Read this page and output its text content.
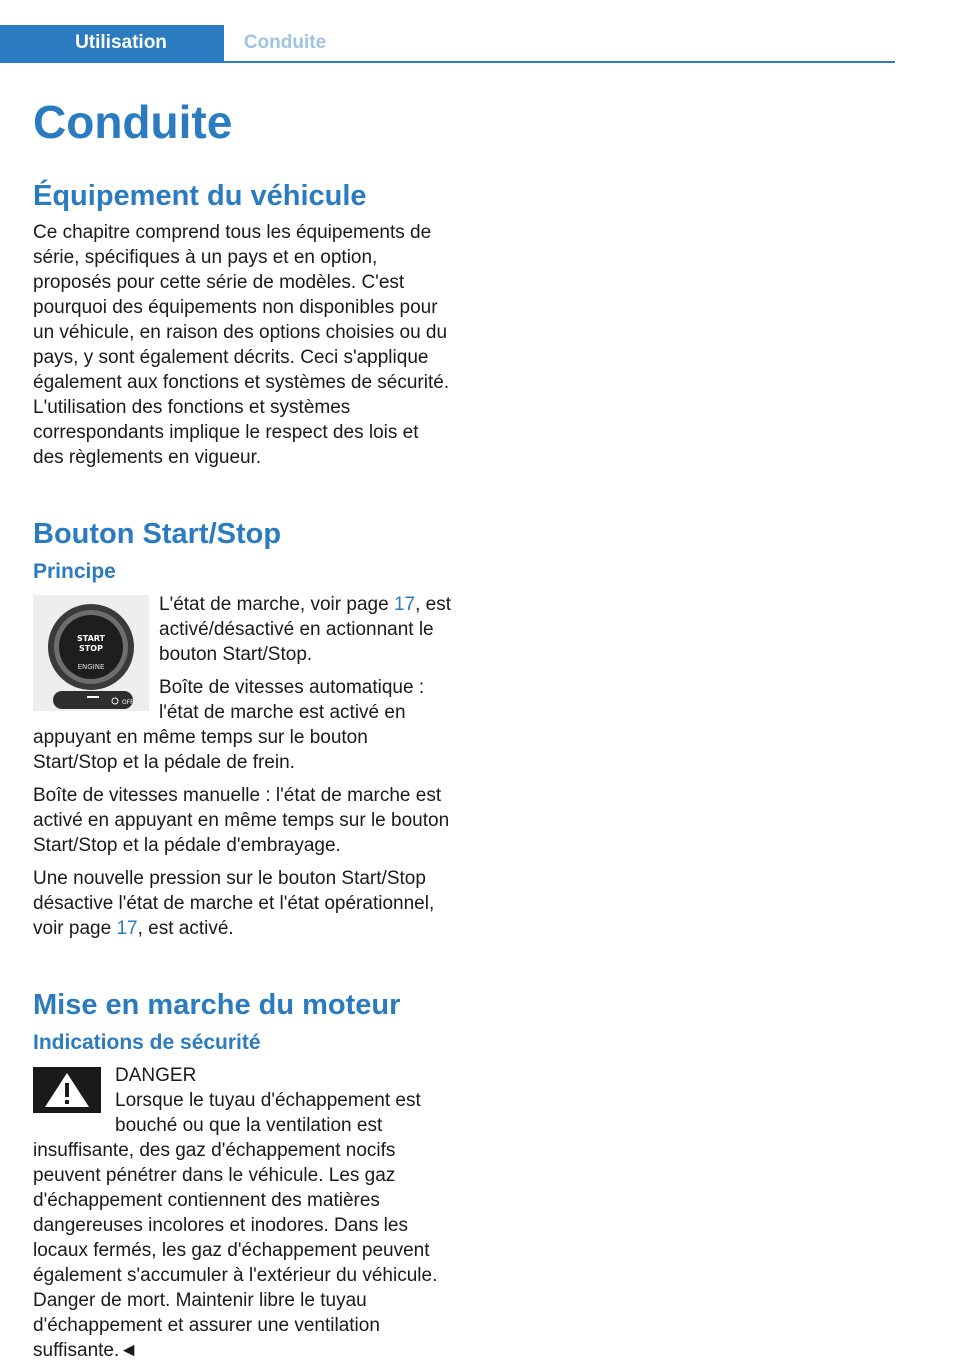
Utilisation	Conduite
Conduite
Équipement du véhicule

Ce chapitre comprend tous les équipements de série, spécifiques à un pays et en option, proposés pour cette série de modèles. C'est pourquoi des équipements non disponibles pour un véhicule, en raison des options choisies ou du pays, y sont également décrits. Ceci s'applique également aux fonctions et systèmes de sécurité. L'utilisation des fonctions et systèmes correspondants implique le respect des lois et des règlements en vigueur.

Bouton Start/Stop
Principe
START
STOP
ENGINE
OFF

L'état de marche, voir page 17, est activé/désactivé en actionnant le bouton Start/Stop.

Boîte de vitesses automatique : l'état de marche est activé en appuyant en même temps sur le bouton Start/Stop et la pédale de frein.

Boîte de vitesses manuelle : l'état de marche est activé en appuyant en même temps sur le bouton Start/Stop et la pédale d'embrayage.

Une nouvelle pression sur le bouton Start/Stop désactive l'état de marche et l'état opérationnel, voir page 17, est activé.

Mise en marche du moteur
Indications de sécurité

DANGER
Lorsque le tuyau d'échappement est bouché ou que la ventilation est insuffisante, des gaz d'échappement nocifs peuvent pénétrer dans le véhicule. Les gaz d'échappement contiennent des matières dangereuses incolores et inodores. Dans les locaux fermés, les gaz d'échappement peuvent également s'accumuler à l'extérieur du véhicule. Danger de mort. Maintenir libre le tuyau d'échappement et assurer une ventilation suffisante.◄
